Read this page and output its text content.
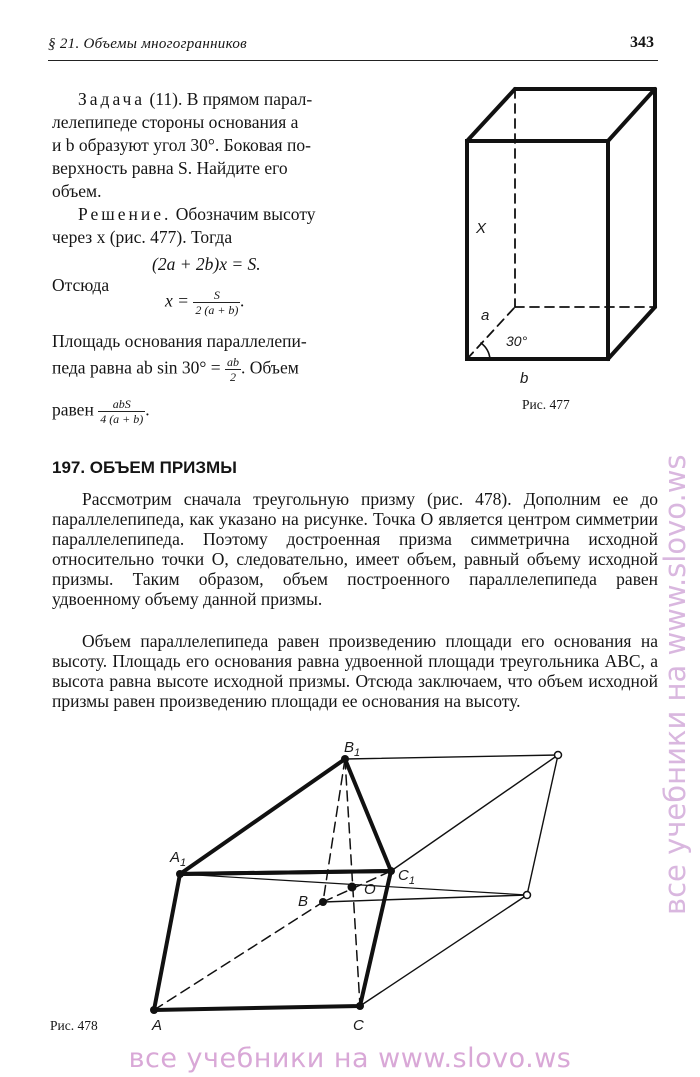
§ 21. Объемы многогранников	343
Задача (11). В прямом парал-
лелепипеде стороны основания a
и b образуют угол 30°. Боковая по-
верхность равна S. Найдите его
объем.
Решение. Обозначим высоту
через x (рис. 477). Тогда
(2a + 2b)x = S.
Отсюда
$x = \frac{S}{2 (a + b)}$ .
Площадь основания параллелепи-
педа равна ab $\sin 30^\circ = \frac{ab}{2}$ . Объем
равен $\frac{\text{abS}}{4 (a + b)}$ .
X
a
30°
b
Рис. 477
197. ОБЪЕМ ПРИЗМЫ
Рассмотрим сначала треугольную призму (рис. 478). Дополним ее до параллелепипеда, как указано на рисунке. Точка O является центром симметрии параллелепипеда. Поэтому достроенная призма симметрична исходной относительно точки O, следовательно, имеет объем, равный объему исходной призмы. Таким образом, объем построенного параллелепипеда равен удвоенному объему данной призмы.
Объем параллелепипеда равен произведению площади его основания на высоту. Площадь его основания равна удвоенной площади треугольника ABC, а высота равна высоте исходной призмы. Отсюда заключаем, что объем исходной призмы равен произведению площади ее основания на высоту.
$A_1$
$B_1$
$C_1$
O
B
A	C
Рис. 478
все учебники на www.slovo.ws
все учебники на www.slovo.ws
